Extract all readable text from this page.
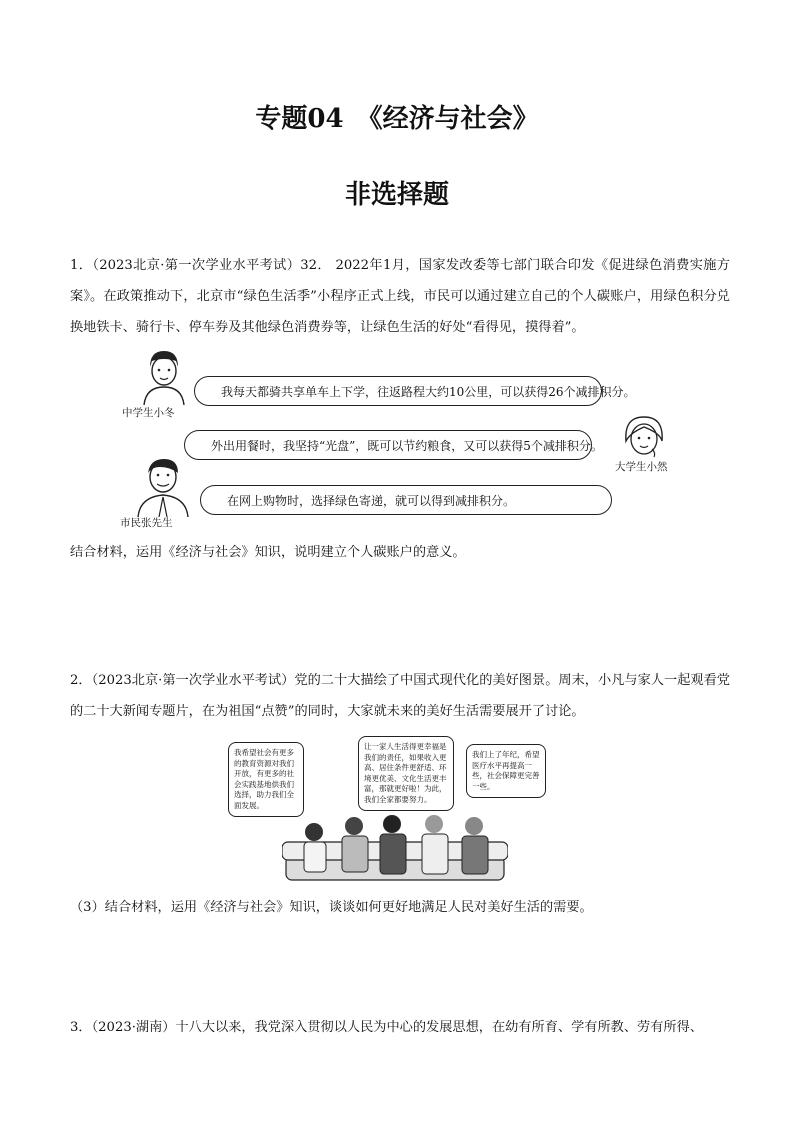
专题04　《经济与社会》
非选择题
1．（2023北京·第一次学业水平考试）32． 2022年1月，国家发改委等七部门联合印发《促进绿色消费实施方案》。在政策推动下，北京市“绿色生活季”小程序正式上线，市民可以通过建立自己的个人碳账户，用绿色积分兑换地铁卡、骑行卡、停车券及其他绿色消费券等，让绿色生活的好处“看得见，摸得着”。
中学生小冬
大学生小然
市民张先生
我每天都骑共享单车上下学，往返路程大约10公里，可以获得26个减排积分。
外出用餐时，我坚持“光盘”，既可以节约粮食，又可以获得5个减排积分。
在网上购物时，选择绿色寄递，就可以得到减排积分。
结合材料，运用《经济与社会》知识，说明建立个人碳账户的意义。
2．（2023北京·第一次学业水平考试）党的二十大描绘了中国式现代化的美好图景。周末，小凡与家人一起观看党的二十大新闻专题片，在为祖国“点赞”的同时，大家就未来的美好生活需要展开了讨论。
我希望社会有更多的教育资源对我们开放，有更多的社会实践基地供我们选择，助力我们全面发展。
让一家人生活得更幸福是我们的责任，如果收入更高、居住条件更舒适、环境更优美、文化生活更丰富，那就更好啦！为此，我们全家都要努力。
我们上了年纪，希望医疗水平再提高一些，社会保障更完善一些。
（3）结合材料，运用《经济与社会》知识，谈谈如何更好地满足人民对美好生活的需要。
3．（2023·湖南）十八大以来，我党深入贯彻以人民为中心的发展思想，在幼有所育、学有所教、劳有所得、
